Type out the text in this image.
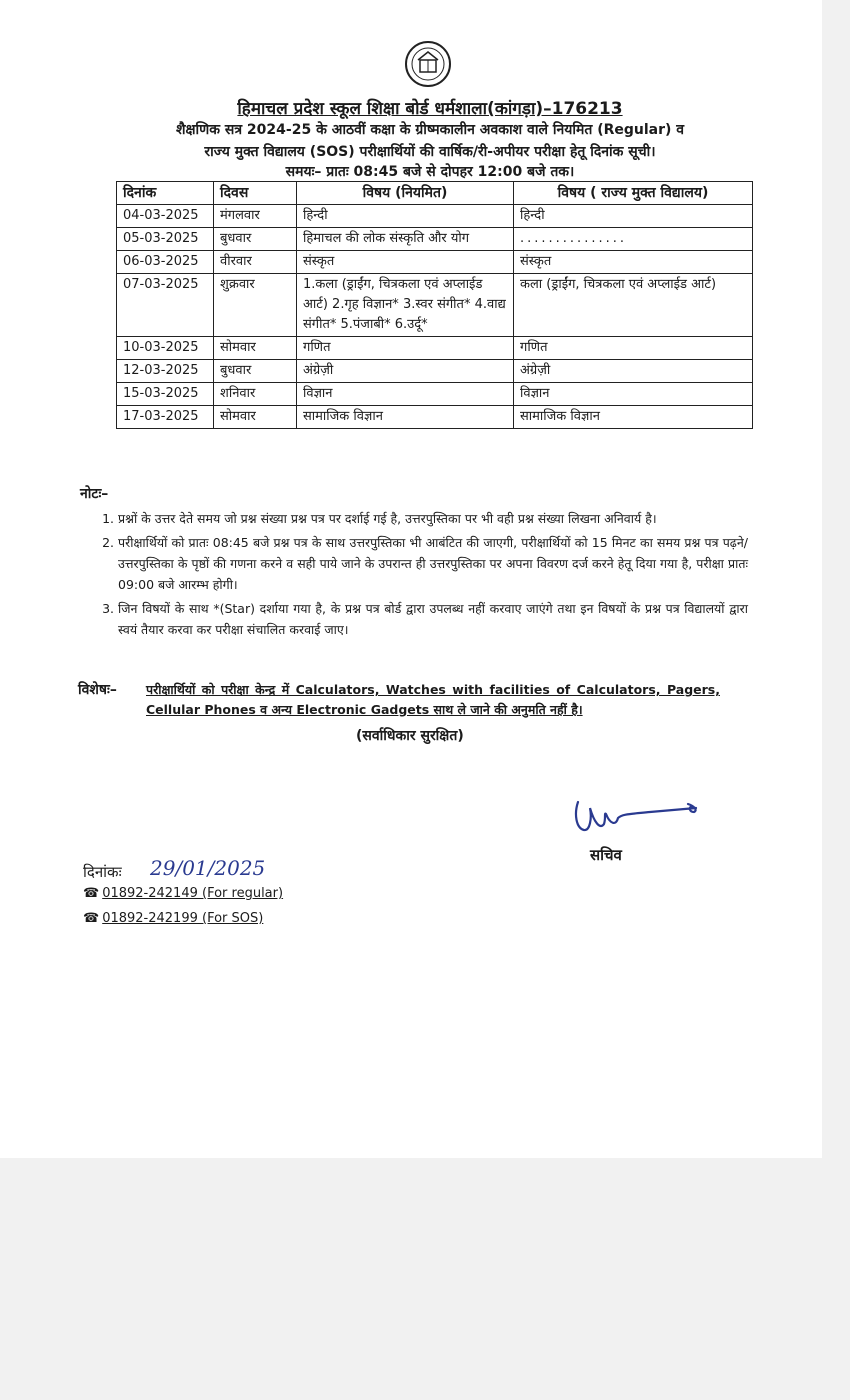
हिमाचल प्रदेश स्कूल शिक्षा बोर्ड धर्मशाला(कांगड़ा)–176213
शैक्षणिक सत्र 2024-25 के आठवीं कक्षा के ग्रीष्मकालीन अवकाश वाले नियमित (Regular) व
राज्य मुक्त विद्यालय (SOS) परीक्षार्थियों की वार्षिक/री-अपीयर परीक्षा हेतू दिनांक सूची।
समयः– प्रातः 08:45 बजे से दोपहर 12:00 बजे तक।
दिनांक	दिवस	विषय (नियमित)	विषय ( राज्य मुक्त विद्यालय)
04-03-2025	मंगलवार	हिन्दी	हिन्दी
05-03-2025	बुधवार	हिमाचल की लोक संस्कृति और योग	...............
06-03-2025	वीरवार	संस्कृत	संस्कृत
07-03-2025	शुक्रवार	1.कला (ड्राईंग, चित्रकला एवं अप्लाईड आर्ट) 2.गृह विज्ञान* 3.स्वर संगीत* 4.वाद्य संगीत* 5.पंजाबी* 6.उर्दू*	कला (ड्राईंग, चित्रकला एवं अप्लाईड आर्ट)
10-03-2025	सोमवार	गणित	गणित
12-03-2025	बुधवार	अंग्रेज़ी	अंग्रेज़ी
15-03-2025	शनिवार	विज्ञान	विज्ञान
17-03-2025	सोमवार	सामाजिक विज्ञान	सामाजिक विज्ञान
नोटः–
1. प्रश्नों के उत्तर देते समय जो प्रश्न संख्या प्रश्न पत्र पर दर्शाई गई है, उत्तरपुस्तिका पर भी वही प्रश्न संख्या लिखना अनिवार्य है।
2. परीक्षार्थियों को प्रातः 08:45 बजे प्रश्न पत्र के साथ उत्तरपुस्तिका भी आबंटित की जाएगी, परीक्षार्थियों को 15 मिनट का समय प्रश्न पत्र पढ़ने/उत्तरपुस्तिका के पृष्ठों की गणना करने व सही पाये जाने के उपरान्त ही उत्तरपुस्तिका पर अपना विवरण दर्ज करने हेतू दिया गया है, परीक्षा प्रातः 09:00 बजे आरम्भ होगी।
3. जिन विषयों के साथ *(Star) दर्शाया गया है, के प्रश्न पत्र बोर्ड द्वारा उपलब्ध नहीं करवाए जाएंगे तथा इन विषयों के प्रश्न पत्र विद्यालयों द्वारा स्वयं तैयार करवा कर परीक्षा संचालित करवाई जाए।
विशेषः– परीक्षार्थियों को परीक्षा केन्द्र में Calculators, Watches with facilities of Calculators, Pagers, Cellular Phones व अन्य Electronic Gadgets साथ ले जाने की अनुमति नहीं है।

(सर्वाधिकार सुरक्षित)
सचिव
दिनांकः 29/01/2025
☎ 01892-242149 (For regular)
☎ 01892-242199 (For SOS)
